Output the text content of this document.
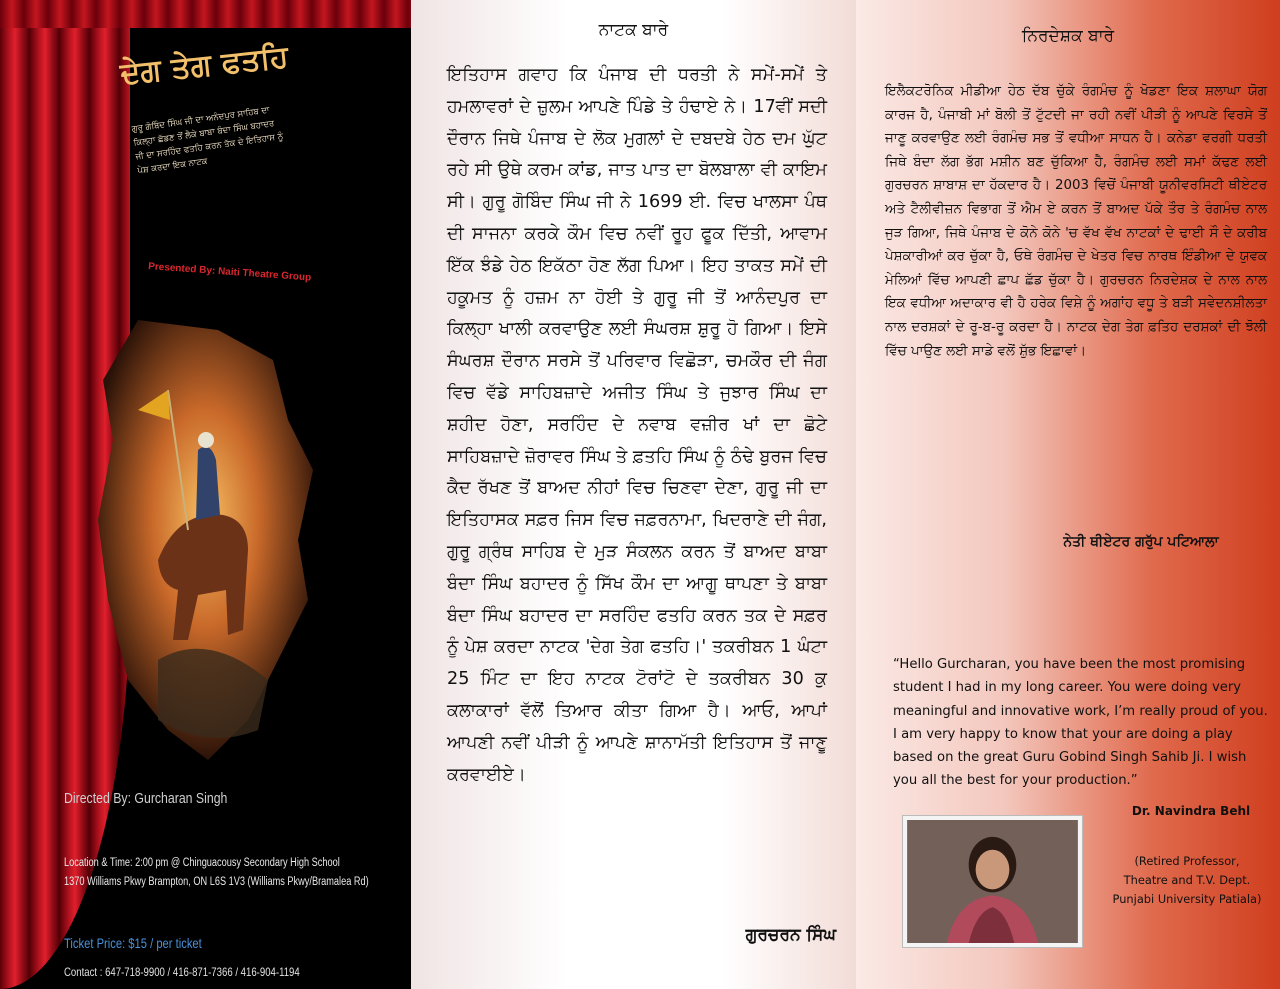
ਦੇਗ ਤੇਗ ਫਤਹਿ
ਗੁਰੂ ਗੋਬਿੰਦ ਸਿੰਘ ਜੀ ਦਾ ਅਨੰਦਪੁਰ ਸਾਹਿਬ ਦਾ ਕਿਲ੍ਹਾ ਛੱਡਣ ਤੋਂ ਲੈਕੇ ਬਾਬਾ ਬੰਦਾ ਸਿੰਘ ਬਹਾਦਰ ਜੀ ਦਾ ਸਰਹਿੰਦ ਫਤਹਿ ਕਰਨ ਤੱਕ ਦੇ ਇਤਿਹਾਸ ਨੂੰ ਪੇਸ਼ ਕਰਦਾ ਇਕ ਨਾਟਕ
Presented By: Naiti Theatre Group
Directed By: Gurcharan Singh
Location & Time: 2:00 pm @ Chinguacousy Secondary High School
1370 Williams Pkwy Brampton, ON L6S 1V3 (Williams Pkwy/Bramalea Rd)
Ticket Price: $15 / per ticket
Contact : 647-718-9900 / 416-871-7366 / 416-904-1194
ਨਾਟਕ ਬਾਰੇ
ਇਤਿਹਾਸ ਗਵਾਹ ਕਿ ਪੰਜਾਬ ਦੀ ਧਰਤੀ ਨੇ ਸਮੇਂ-ਸਮੇਂ ਤੇ ਹਮਲਾਵਰਾਂ ਦੇ ਜ਼ੁਲਮ ਆਪਣੇ ਪਿੰਡੇ ਤੇ ਹੰਢਾਏ ਨੇ। 17ਵੀਂ ਸਦੀ ਦੌਰਾਨ ਜਿਥੇ ਪੰਜਾਬ ਦੇ ਲੋਕ ਮੁਗਲਾਂ ਦੇ ਦਬਦਬੇ ਹੇਠ ਦਮ ਘੁੱਟ ਰਹੇ ਸੀ ਉਥੇ ਕਰਮ ਕਾਂਡ, ਜਾਤ ਪਾਤ ਦਾ ਬੋਲਬਾਲਾ ਵੀ ਕਾਇਮ ਸੀ। ਗੁਰੂ ਗੋਬਿੰਦ ਸਿੰਘ ਜੀ ਨੇ 1699 ਈ. ਵਿਚ ਖਾਲਸਾ ਪੰਥ ਦੀ ਸਾਜਨਾ ਕਰਕੇ ਕੌਮ ਵਿਚ ਨਵੀਂ ਰੂਹ ਫੂਕ ਦਿੱਤੀ, ਆਵਾਮ ਇੱਕ ਝੰਡੇ ਹੇਠ ਇਕੱਠਾ ਹੋਣ ਲੱਗ ਪਿਆ। ਇਹ ਤਾਕਤ ਸਮੇਂ ਦੀ ਹਕੂਮਤ ਨੂੰ ਹਜ਼ਮ ਨਾ ਹੋਈ ਤੇ ਗੁਰੂ ਜੀ ਤੋਂ ਆਨੰਦਪੁਰ ਦਾ ਕਿਲ੍ਹਾ ਖਾਲੀ ਕਰਵਾਉਣ ਲਈ ਸੰਘਰਸ਼ ਸ਼ੁਰੂ ਹੋ ਗਿਆ। ਇਸੇ ਸੰਘਰਸ਼ ਦੌਰਾਨ ਸਰਸੇ ਤੋਂ ਪਰਿਵਾਰ ਵਿਛੋੜਾ, ਚਮਕੌਰ ਦੀ ਜੰਗ ਵਿਚ ਵੱਡੇ ਸਾਹਿਬਜ਼ਾਦੇ ਅਜੀਤ ਸਿੰਘ ਤੇ ਜੁਝਾਰ ਸਿੰਘ ਦਾ ਸ਼ਹੀਦ ਹੋਣਾ, ਸਰਹਿੰਦ ਦੇ ਨਵਾਬ ਵਜ਼ੀਰ ਖਾਂ ਦਾ ਛੋਟੇ ਸਾਹਿਬਜ਼ਾਦੇ ਜ਼ੋਰਾਵਰ ਸਿੰਘ ਤੇ ਫ਼ਤਹਿ ਸਿੰਘ ਨੂੰ ਠੰਢੇ ਬੁਰਜ ਵਿਚ ਕੈਦ ਰੱਖਣ ਤੋਂ ਬਾਅਦ ਨੀਹਾਂ ਵਿਚ ਚਿਣਵਾ ਦੇਣਾ, ਗੁਰੂ ਜੀ ਦਾ ਇਤਿਹਾਸਕ ਸਫ਼ਰ ਜਿਸ ਵਿਚ ਜਫ਼ਰਨਾਮਾ, ਖਿਦਰਾਣੇ ਦੀ ਜੰਗ, ਗੁਰੂ ਗ੍ਰੰਥ ਸਾਹਿਬ ਦੇ ਮੁੜ ਸੰਕਲਨ ਕਰਨ ਤੋਂ ਬਾਅਦ ਬਾਬਾ ਬੰਦਾ ਸਿੰਘ ਬਹਾਦਰ ਨੂੰ ਸਿੱਖ ਕੌਮ ਦਾ ਆਗੂ ਥਾਪਣਾ ਤੇ ਬਾਬਾ ਬੰਦਾ ਸਿੰਘ ਬਹਾਦਰ ਦਾ ਸਰਹਿੰਦ ਫਤਹਿ ਕਰਨ ਤਕ ਦੇ ਸਫ਼ਰ ਨੂੰ ਪੇਸ਼ ਕਰਦਾ ਨਾਟਕ 'ਦੇਗ ਤੇਗ ਫਤਹਿ।' ਤਕਰੀਬਨ 1 ਘੰਟਾ 25 ਮਿੰਟ ਦਾ ਇਹ ਨਾਟਕ ਟੋਰਾਂਟੋ ਦੇ ਤਕਰੀਬਨ 30 ਕੁ ਕਲਾਕਾਰਾਂ ਵੱਲੋਂ ਤਿਆਰ ਕੀਤਾ ਗਿਆ ਹੈ। ਆਓ, ਆਪਾਂ ਆਪਣੀ ਨਵੀਂ ਪੀੜੀ ਨੂੰ ਆਪਣੇ ਸ਼ਾਨਾਮੱਤੀ ਇਤਿਹਾਸ ਤੋਂ ਜਾਣੂ ਕਰਵਾਈਏ।
ਗੁਰਚਰਨ ਸਿੰਘ
ਨਿਰਦੇਸ਼ਕ ਬਾਰੇ
ਇਲੈਕਟਰੋਨਿਕ ਮੀਡੀਆ ਹੇਠ ਦੱਬ ਚੁੱਕੇ ਰੰਗਮੰਚ ਨੂੰ ਖੋਡਣਾ ਇਕ ਸ਼ਲਾਘਾ ਯੋਗ ਕਾਰਜ ਹੈ, ਪੰਜਾਬੀ ਮਾਂ ਬੋਲੀ ਤੋਂ ਟੁੱਟਦੀ ਜਾ ਰਹੀ ਨਵੀਂ ਪੀੜੀ ਨੂੰ ਆਪਣੇ ਵਿਰਸੇ ਤੋਂ ਜਾਣੂ ਕਰਵਾਉਣ ਲਈ ਰੰਗਮੰਚ ਸਭ ਤੋਂ ਵਧੀਆ ਸਾਧਨ ਹੈ। ਕਨੇਡਾ ਵਰਗੀ ਧਰਤੀ ਜਿਥੇ ਬੰਦਾ ਲੱਗ ਭੱਗ ਮਸ਼ੀਨ ਬਣ ਚੁੱਕਿਆ ਹੈ, ਰੰਗਮੰਚ ਲਈ ਸਮਾਂ ਕੱਢਣ ਲਈ ਗੁਰਚਰਨ ਸ਼ਾਬਾਸ਼ ਦਾ ਹੱਕਦਾਰ ਹੈ। 2003 ਵਿਚੋਂ ਪੰਜਾਬੀ ਯੂਨੀਵਰਸਿਟੀ ਥੀਏਟਰ ਅਤੇ ਟੈਲੀਵੀਜ਼ਨ ਵਿਭਾਗ ਤੋਂ ਐਮ ਏ ਕਰਨ ਤੋਂ ਬਾਅਦ ਪੱਕੇ ਤੌਰ ਤੇ ਰੰਗਮੰਚ ਨਾਲ ਜੁੜ ਗਿਆ, ਜਿਥੇ ਪੰਜਾਬ ਦੇ ਕੋਨੇ ਕੋਨੇ 'ਚ ਵੱਖ ਵੱਖ ਨਾਟਕਾਂ ਦੇ ਢਾਈ ਸੌ ਦੇ ਕਰੀਬ ਪੇਸ਼ਕਾਰੀਆਂ ਕਰ ਚੁੱਕਾ ਹੈ, ਓਥੇ ਰੰਗਮੰਚ ਦੇ ਖੇਤਰ ਵਿਚ ਨਾਰਥ ਇੰਡੀਆ ਦੇ ਯੁਵਕ ਮੇਲਿਆਂ ਵਿੱਚ ਆਪਣੀ ਛਾਪ ਛੱਡ ਚੁੱਕਾ ਹੈ। ਗੁਰਚਰਨ ਨਿਰਦੇਸ਼ਕ ਦੇ ਨਾਲ ਨਾਲ ਇਕ ਵਧੀਆ ਅਦਾਕਾਰ ਵੀ ਹੈ ਹਰੇਕ ਵਿਸ਼ੇ ਨੂੰ ਅਗਾਂਹ ਵਧੂ ਤੇ ਬੜੀ ਸਵੇਦਨਸ਼ੀਲਤਾ ਨਾਲ ਦਰਸ਼ਕਾਂ ਦੇ ਰੂ-ਬ-ਰੂ ਕਰਦਾ ਹੈ। ਨਾਟਕ ਦੇਗ ਤੇਗ ਫ਼ਤਿਹ ਦਰਸ਼ਕਾਂ ਦੀ ਝੋਲੀ ਵਿੱਚ ਪਾਉਣ ਲਈ ਸਾਡੇ ਵਲੋਂ ਸ਼ੁੱਭ ਇਛਾਵਾਂ।
ਨੇਤੀ ਥੀਏਟਰ ਗਰੁੱਪ ਪਟਿਆਲਾ
“Hello Gurcharan, you have been the most promising student I had in my long career. You were doing very meaningful and innovative work, I’m really proud of you. I am very happy to know that your are doing a play based on the great Guru Gobind Singh Sahib Ji. I wish you all the best for your production.”
Dr. Navindra Behl
(Retired Professor, Theatre and T.V. Dept. Punjabi University Patiala)
